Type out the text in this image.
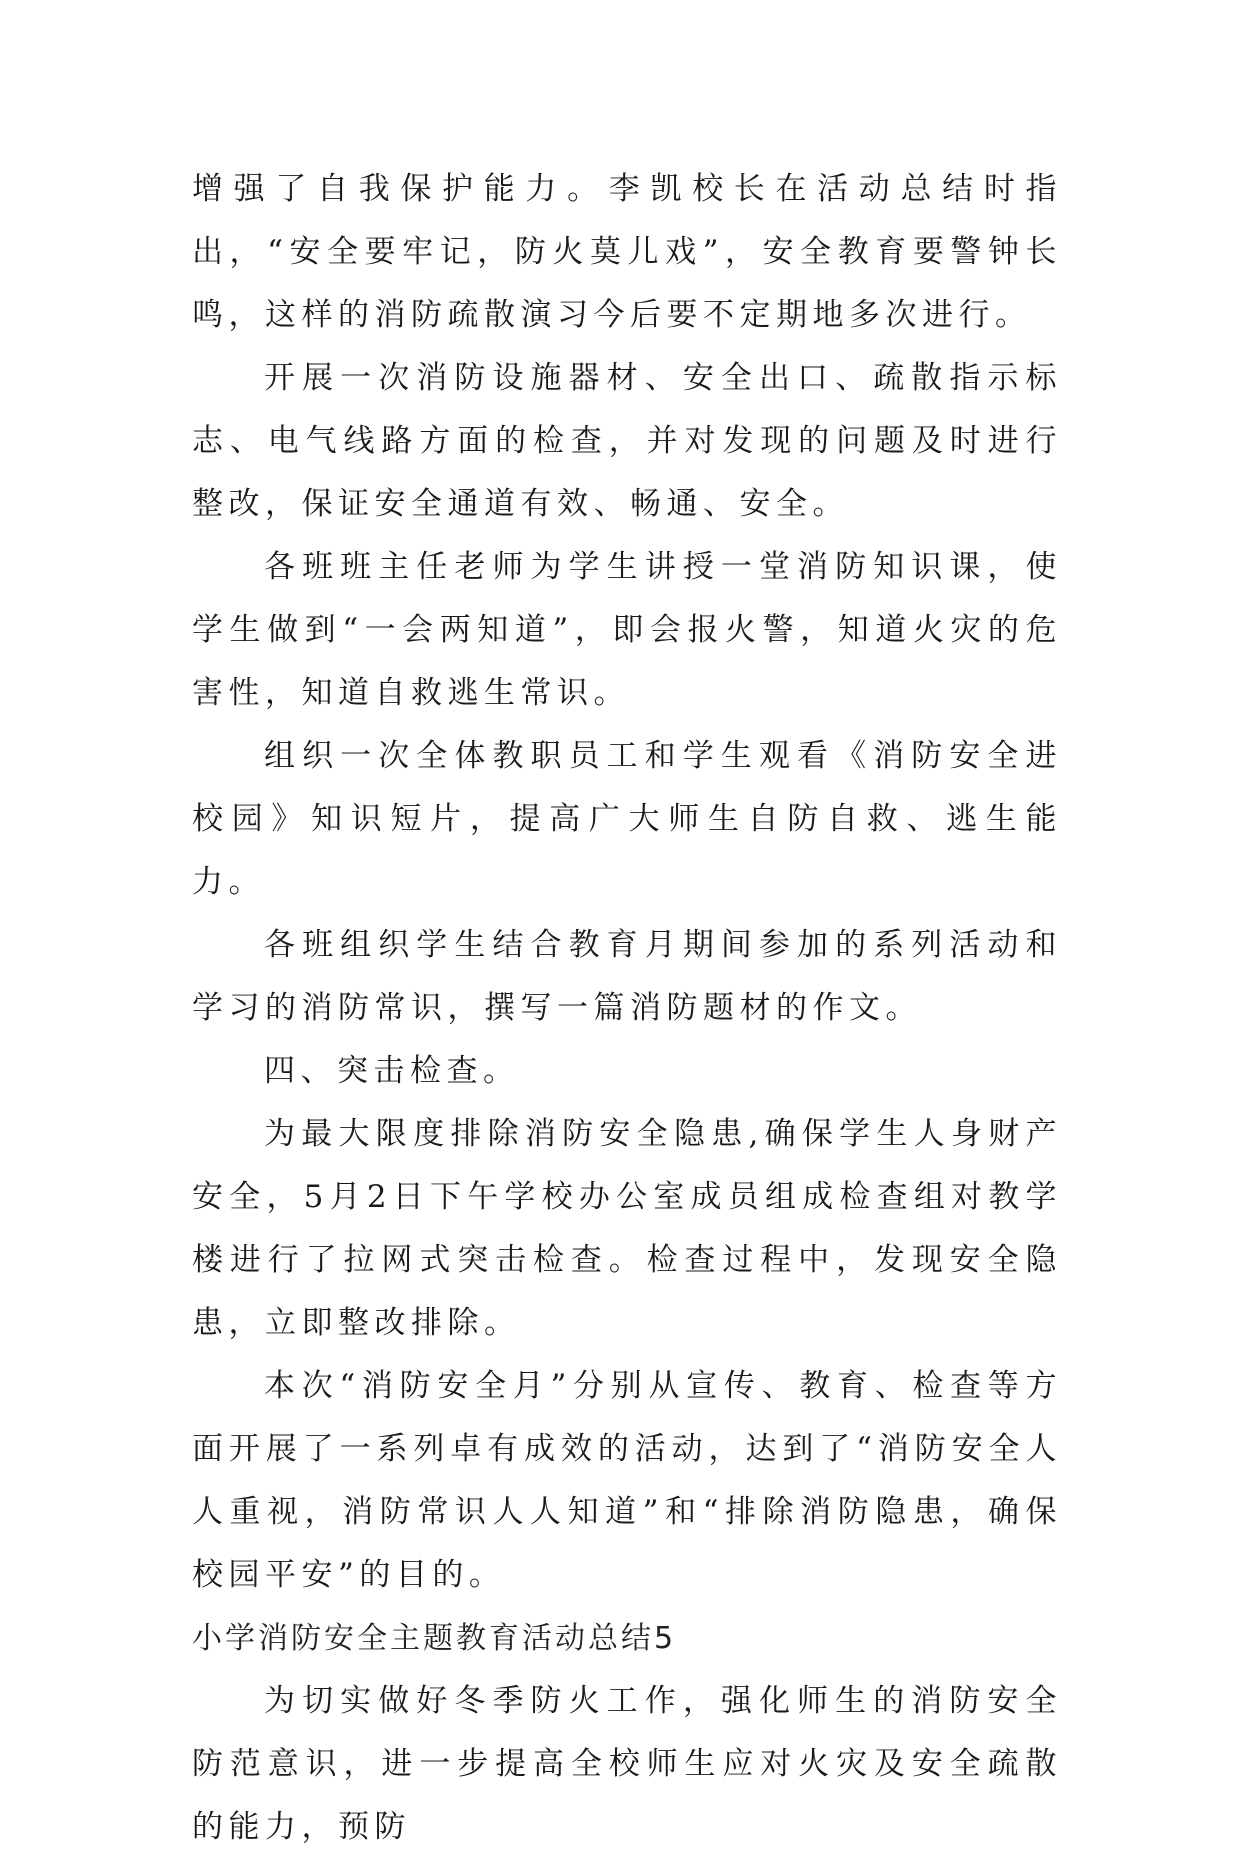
增强了自我保护能力。李凯校长在活动总结时指出，“安全要牢记，防火莫儿戏”，安全教育要警钟长鸣，这样的消防疏散演习今后要不定期地多次进行。

开展一次消防设施器材、安全出口、疏散指示标志、电气线路方面的检查，并对发现的问题及时进行整改，保证安全通道有效、畅通、安全。

各班班主任老师为学生讲授一堂消防知识课，使学生做到“一会两知道”，即会报火警，知道火灾的危害性，知道自救逃生常识。

组织一次全体教职员工和学生观看《消防安全进校园》知识短片，提高广大师生自防自救、逃生能力。

各班组织学生结合教育月期间参加的系列活动和学习的消防常识，撰写一篇消防题材的作文。

四、突击检查。

为最大限度排除消防安全隐患,确保学生人身财产安全，5月2日下午学校办公室成员组成检查组对教学楼进行了拉网式突击检查。检查过程中，发现安全隐患，立即整改排除。

本次“消防安全月”分别从宣传、教育、检查等方面开展了一系列卓有成效的活动，达到了“消防安全人人重视，消防常识人人知道”和“排除消防隐患，确保校园平安”的目的。

小学消防安全主题教育活动总结5

为切实做好冬季防火工作，强化师生的消防安全防范意识，进一步提高全校师生应对火灾及安全疏散的能力，预防
